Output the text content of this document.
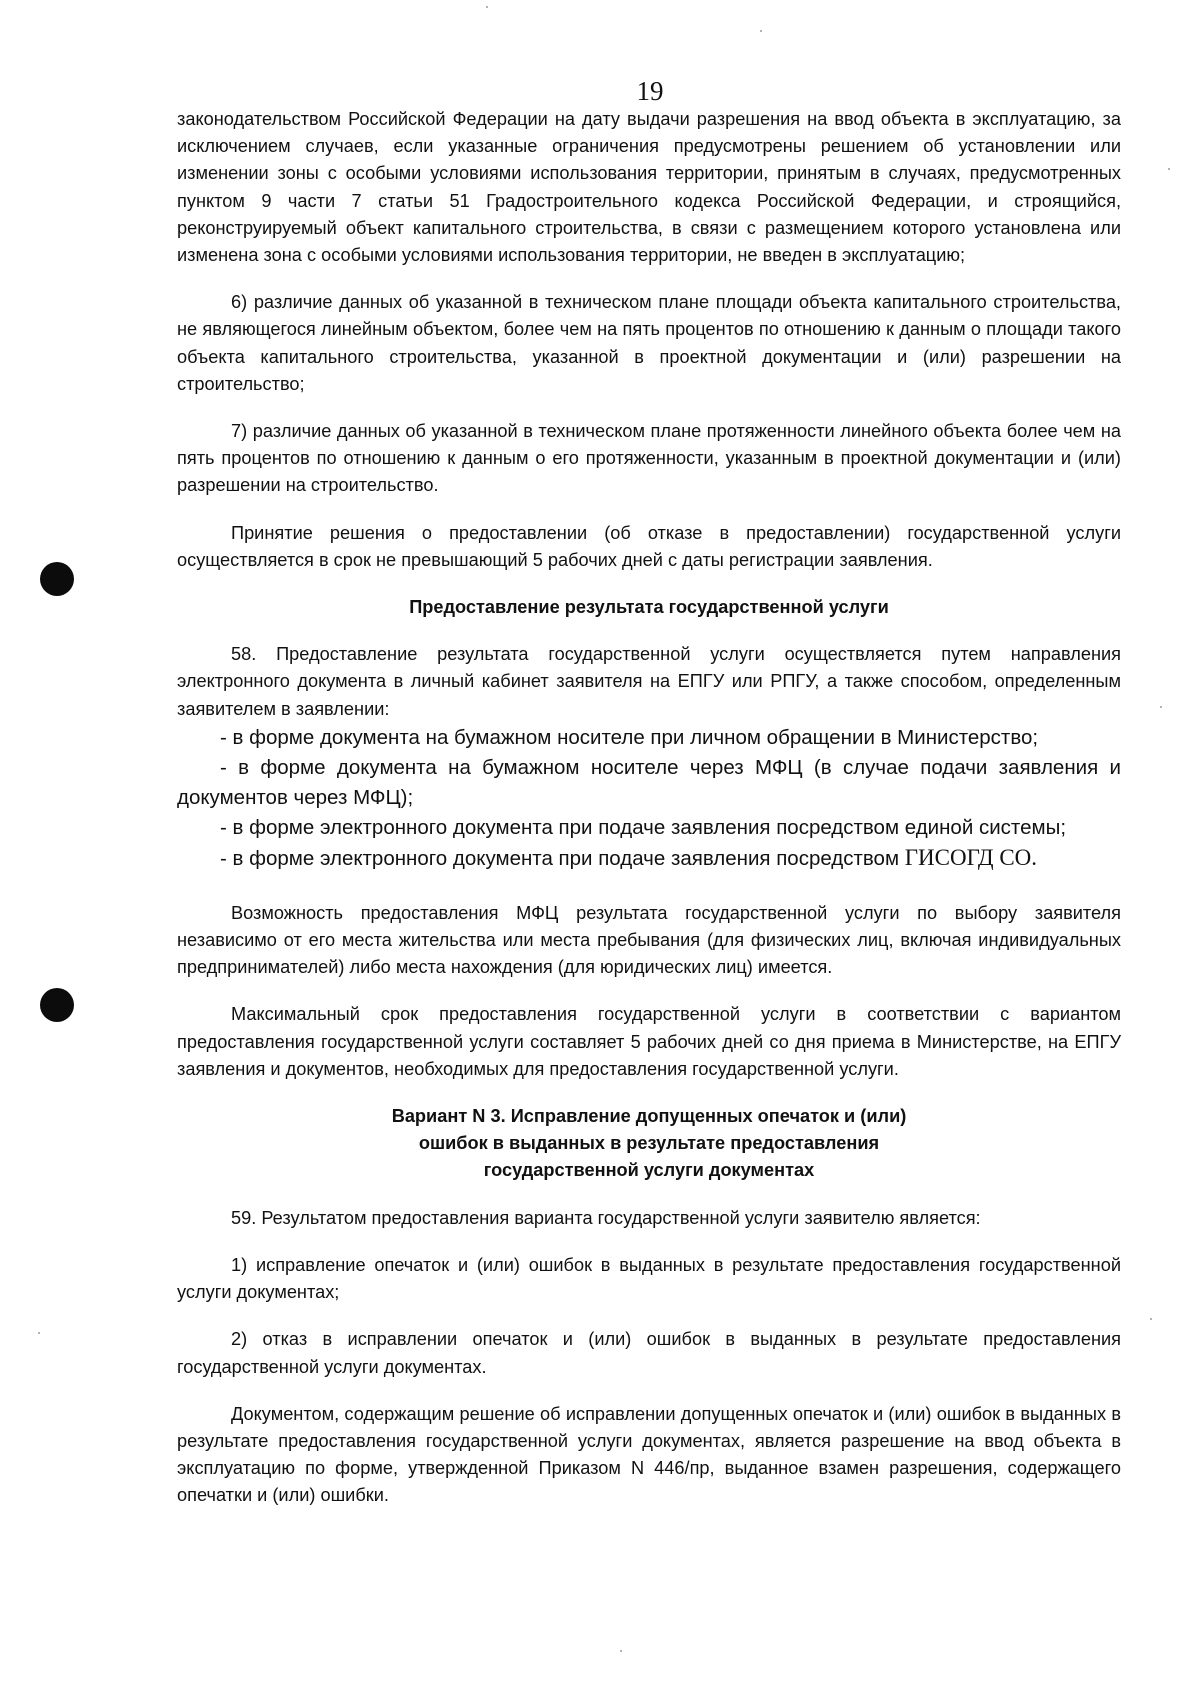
19

законодательством Российской Федерации на дату выдачи разрешения на ввод объекта в эксплуатацию, за исключением случаев, если указанные ограничения предусмотрены решением об установлении или изменении зоны с особыми условиями использования территории, принятым в случаях, предусмотренных пунктом 9 части 7 статьи 51 Градостроительного кодекса Российской Федерации, и строящийся, реконструируемый объект капитального строительства, в связи с размещением которого установлена или изменена зона с особыми условиями использования территории, не введен в эксплуатацию;

6) различие данных об указанной в техническом плане площади объекта капитального строительства, не являющегося линейным объектом, более чем на пять процентов по отношению к данным о площади такого объекта капитального строительства, указанной в проектной документации и (или) разрешении на строительство;

7) различие данных об указанной в техническом плане протяженности линейного объекта более чем на пять процентов по отношению к данным о его протяженности, указанным в проектной документации и (или) разрешении на строительство.

Принятие решения о предоставлении (об отказе в предоставлении) государственной услуги осуществляется в срок не превышающий 5 рабочих дней с даты регистрации заявления.

Предоставление результата государственной услуги

58. Предоставление результата государственной услуги осуществляется путем направления электронного документа в личный кабинет заявителя на ЕПГУ или РПГУ, а также способом, определенным заявителем в заявлении:

- в форме документа на бумажном носителе при личном обращении в Министерство;

- в форме документа на бумажном носителе через МФЦ (в случае подачи заявления и документов через МФЦ);

- в форме электронного документа при подаче заявления посредством единой системы;

- в форме электронного документа при подаче заявления посредством ГИСОГД СО.

Возможность предоставления МФЦ результата государственной услуги по выбору заявителя независимо от его места жительства или места пребывания (для физических лиц, включая индивидуальных предпринимателей) либо места нахождения (для юридических лиц) имеется.

Максимальный срок предоставления государственной услуги в соответствии с вариантом предоставления государственной услуги составляет 5 рабочих дней со дня приема в Министерстве, на ЕПГУ заявления и документов, необходимых для предоставления государственной услуги.

Вариант N 3. Исправление допущенных опечаток и (или)
ошибок в выданных в результате предоставления
государственной услуги документах

59. Результатом предоставления варианта государственной услуги заявителю является:

1) исправление опечаток и (или) ошибок в выданных в результате предоставления государственной услуги документах;

2) отказ в исправлении опечаток и (или) ошибок в выданных в результате предоставления государственной услуги документах.

Документом, содержащим решение об исправлении допущенных опечаток и (или) ошибок в выданных в результате предоставления государственной услуги документах, является разрешение на ввод объекта в эксплуатацию по форме, утвержденной Приказом N 446/пр, выданное взамен разрешения, содержащего опечатки и (или) ошибки.
